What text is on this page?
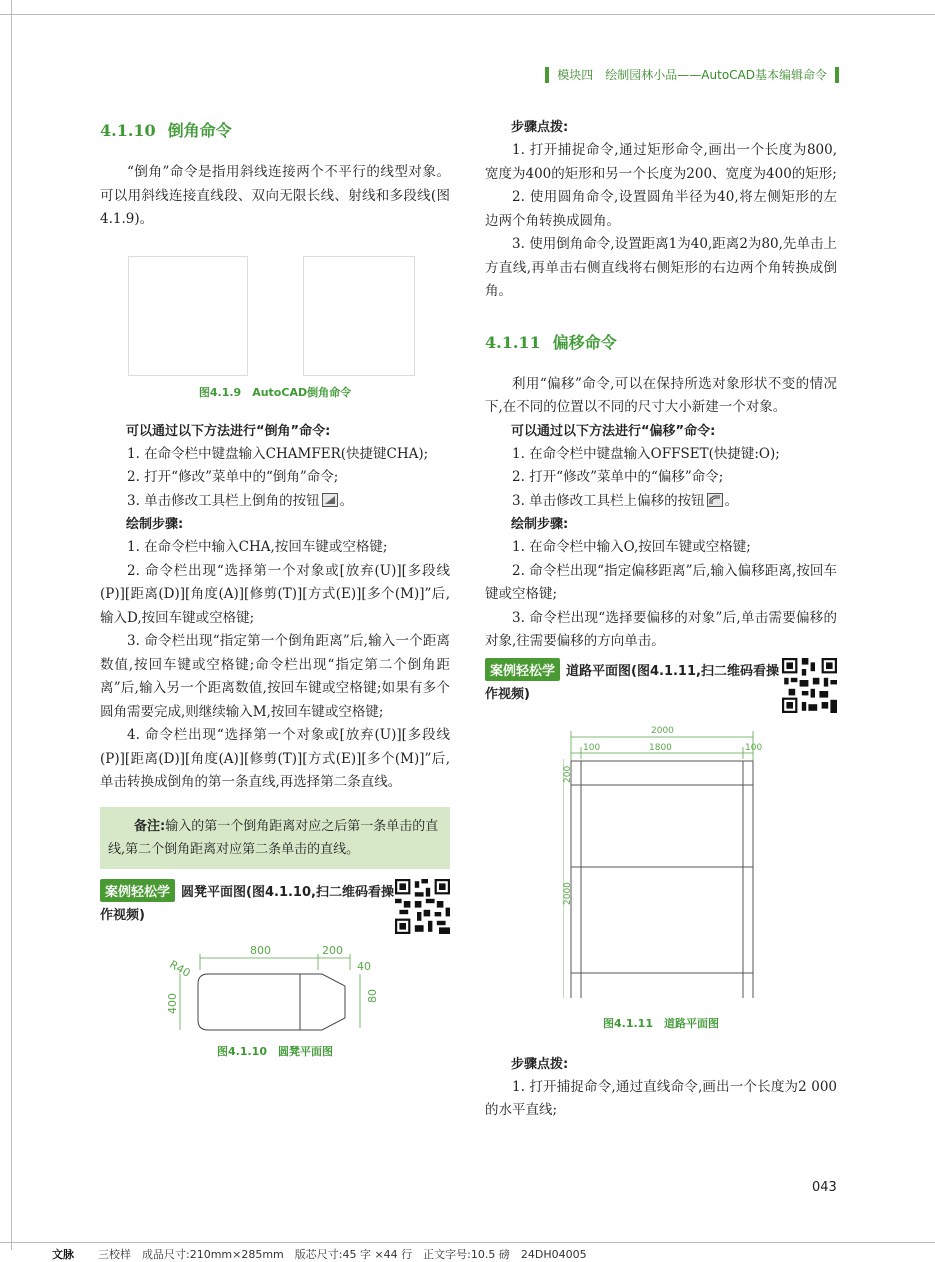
模块四　绘制园林小品——AutoCAD基本编辑命令
4.1.10 倒角命令

“倒角”命令是指用斜线连接两个不平行的线型对象。可以用斜线连接直线段、双向无限长线、射线和多段线(图4.1.9)。

图4.1.9　AutoCAD倒角命令

可以通过以下方法进行“倒角”命令:

1. 在命令栏中键盘输入CHAMFER(快捷键CHA);

2. 打开“修改”菜单中的“倒角”命令;

3. 单击修改工具栏上倒角的按钮 。

绘制步骤:

1. 在命令栏中输入CHA,按回车键或空格键;

2. 命令栏出现“选择第一个对象或[放弃(U)][多段线(P)][距离(D)][角度(A)][修剪(T)][方式(E)][多个(M)]”后,输入D,按回车键或空格键;

3. 命令栏出现“指定第一个倒角距离”后,输入一个距离数值,按回车键或空格键;命令栏出现“指定第二个倒角距离”后,输入另一个距离数值,按回车键或空格键;如果有多个圆角需要完成,则继续输入M,按回车键或空格键;

4. 命令栏出现“选择第一个对象或[放弃(U)][多段线(P)][距离(D)][角度(A)][修剪(T)][方式(E)][多个(M)]”后,单击转换成倒角的第一条直线,再选择第二条直线。

备注:输入的第一个倒角距离对应之后第一条单击的直线,第二个倒角距离对应第二条单击的直线。
案例轻松学 圆凳平面图(图4.1.10,扫二维码看操作视频)
800	200
40
80
400
R40
图4.1.10　圆凳平面图

步骤点拨:

1. 打开捕捉命令,通过矩形命令,画出一个长度为800,宽度为400的矩形和另一个长度为200、宽度为400的矩形;

2. 使用圆角命令,设置圆角半径为40,将左侧矩形的左边两个角转换成圆角。

3. 使用倒角命令,设置距离1为40,距离2为80,先单击上方直线,再单击右侧直线将右侧矩形的右边两个角转换成倒角。

4.1.11 偏移命令

利用“偏移”命令,可以在保持所选对象形状不变的情况下,在不同的位置以不同的尺寸大小新建一个对象。

可以通过以下方法进行“偏移”命令:

1. 在命令栏中键盘输入OFFSET(快捷键:O);

2. 打开“修改”菜单中的“偏移”命令;

3. 单击修改工具栏上偏移的按钮 。

绘制步骤:

1. 在命令栏中输入O,按回车键或空格键;

2. 命令栏出现“指定偏移距离”后,输入偏移距离,按回车键或空格键;

3. 命令栏出现“选择要偏移的对象”后,单击需要偏移的对象,往需要偏移的方向单击。

案例轻松学 道路平面图(图4.1.11,扫二维码看操作视频)
2000
100	1800	100
200
2000
图4.1.11　道路平面图

步骤点拨:

1. 打开捕捉命令,通过直线命令,画出一个长度为2 000的水平直线;

043
文脉 三校样　成品尺寸:210mm×285mm　版芯尺寸:45 字 ×44 行　正文字号:10.5 磅　24DH04005
